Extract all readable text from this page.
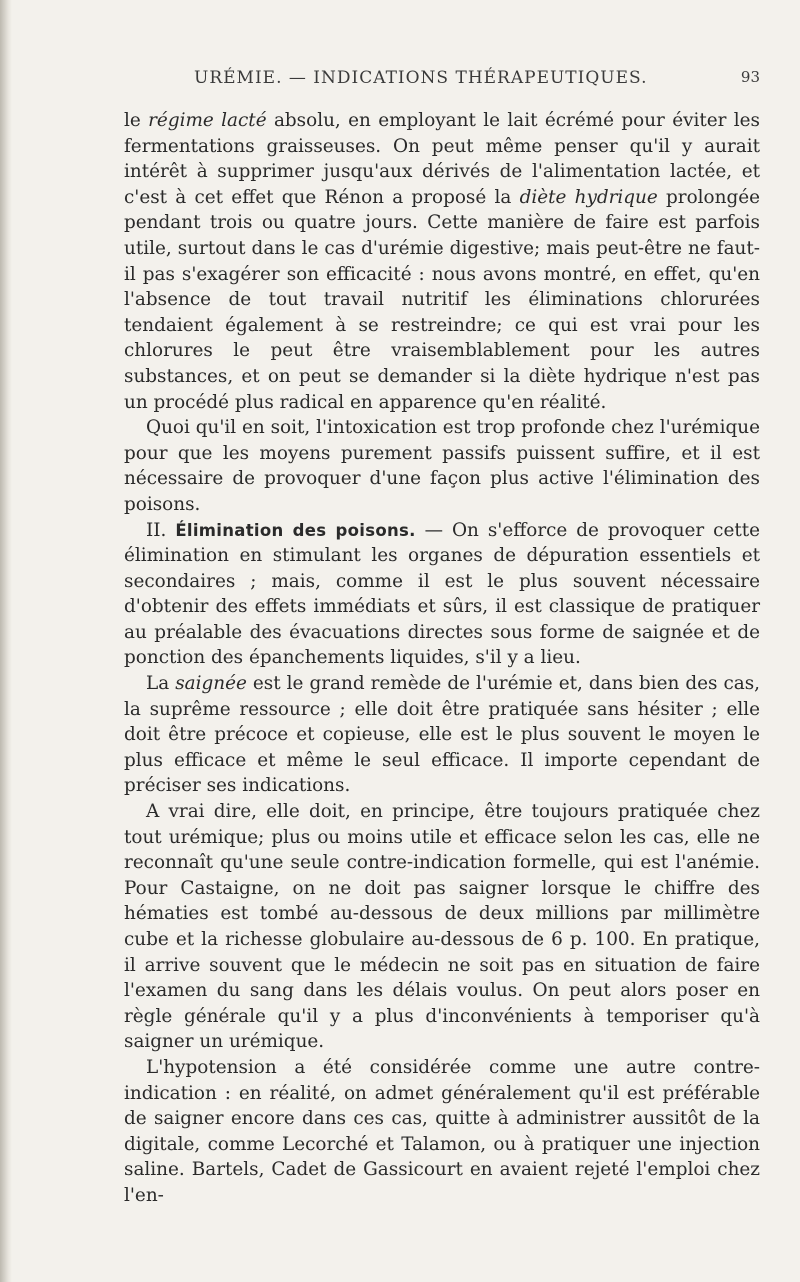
URÉMIE. — INDICATIONS THÉRAPEUTIQUES.	93

le régime lacté absolu, en employant le lait écrémé pour éviter les fermentations graisseuses. On peut même penser qu'il y aurait intérêt à supprimer jusqu'aux dérivés de l'alimentation lactée, et c'est à cet effet que Rénon a proposé la diète hydrique prolongée pendant trois ou quatre jours. Cette manière de faire est parfois utile, surtout dans le cas d'urémie digestive; mais peut-être ne faut-il pas s'exagérer son efficacité : nous avons montré, en effet, qu'en l'absence de tout travail nutritif les éliminations chlorurées tendaient également à se restreindre; ce qui est vrai pour les chlorures le peut être vraisemblablement pour les autres substances, et on peut se demander si la diète hydrique n'est pas un procédé plus radical en apparence qu'en réalité.

Quoi qu'il en soit, l'intoxication est trop profonde chez l'urémique pour que les moyens purement passifs puissent suffire, et il est nécessaire de provoquer d'une façon plus active l'élimination des poisons.

II. Élimination des poisons. — On s'efforce de provoquer cette élimination en stimulant les organes de dépuration essentiels et secondaires ; mais, comme il est le plus souvent nécessaire d'obtenir des effets immédiats et sûrs, il est classique de pratiquer au préalable des évacuations directes sous forme de saignée et de ponction des épanchements liquides, s'il y a lieu.

La saignée est le grand remède de l'urémie et, dans bien des cas, la suprême ressource ; elle doit être pratiquée sans hésiter ; elle doit être précoce et copieuse, elle est le plus souvent le moyen le plus efficace et même le seul efficace. Il importe cependant de préciser ses indications.

A vrai dire, elle doit, en principe, être toujours pratiquée chez tout urémique; plus ou moins utile et efficace selon les cas, elle ne reconnaît qu'une seule contre-indication formelle, qui est l'anémie. Pour Castaigne, on ne doit pas saigner lorsque le chiffre des hématies est tombé au-dessous de deux millions par millimètre cube et la richesse globulaire au-dessous de 6 p. 100. En pratique, il arrive souvent que le médecin ne soit pas en situation de faire l'examen du sang dans les délais voulus. On peut alors poser en règle générale qu'il y a plus d'inconvénients à temporiser qu'à saigner un urémique.

L'hypotension a été considérée comme une autre contre-indication : en réalité, on admet généralement qu'il est préférable de saigner encore dans ces cas, quitte à administrer aussitôt de la digitale, comme Lecorché et Talamon, ou à pratiquer une injection saline. Bartels, Cadet de Gassicourt en avaient rejeté l'emploi chez l'en-
